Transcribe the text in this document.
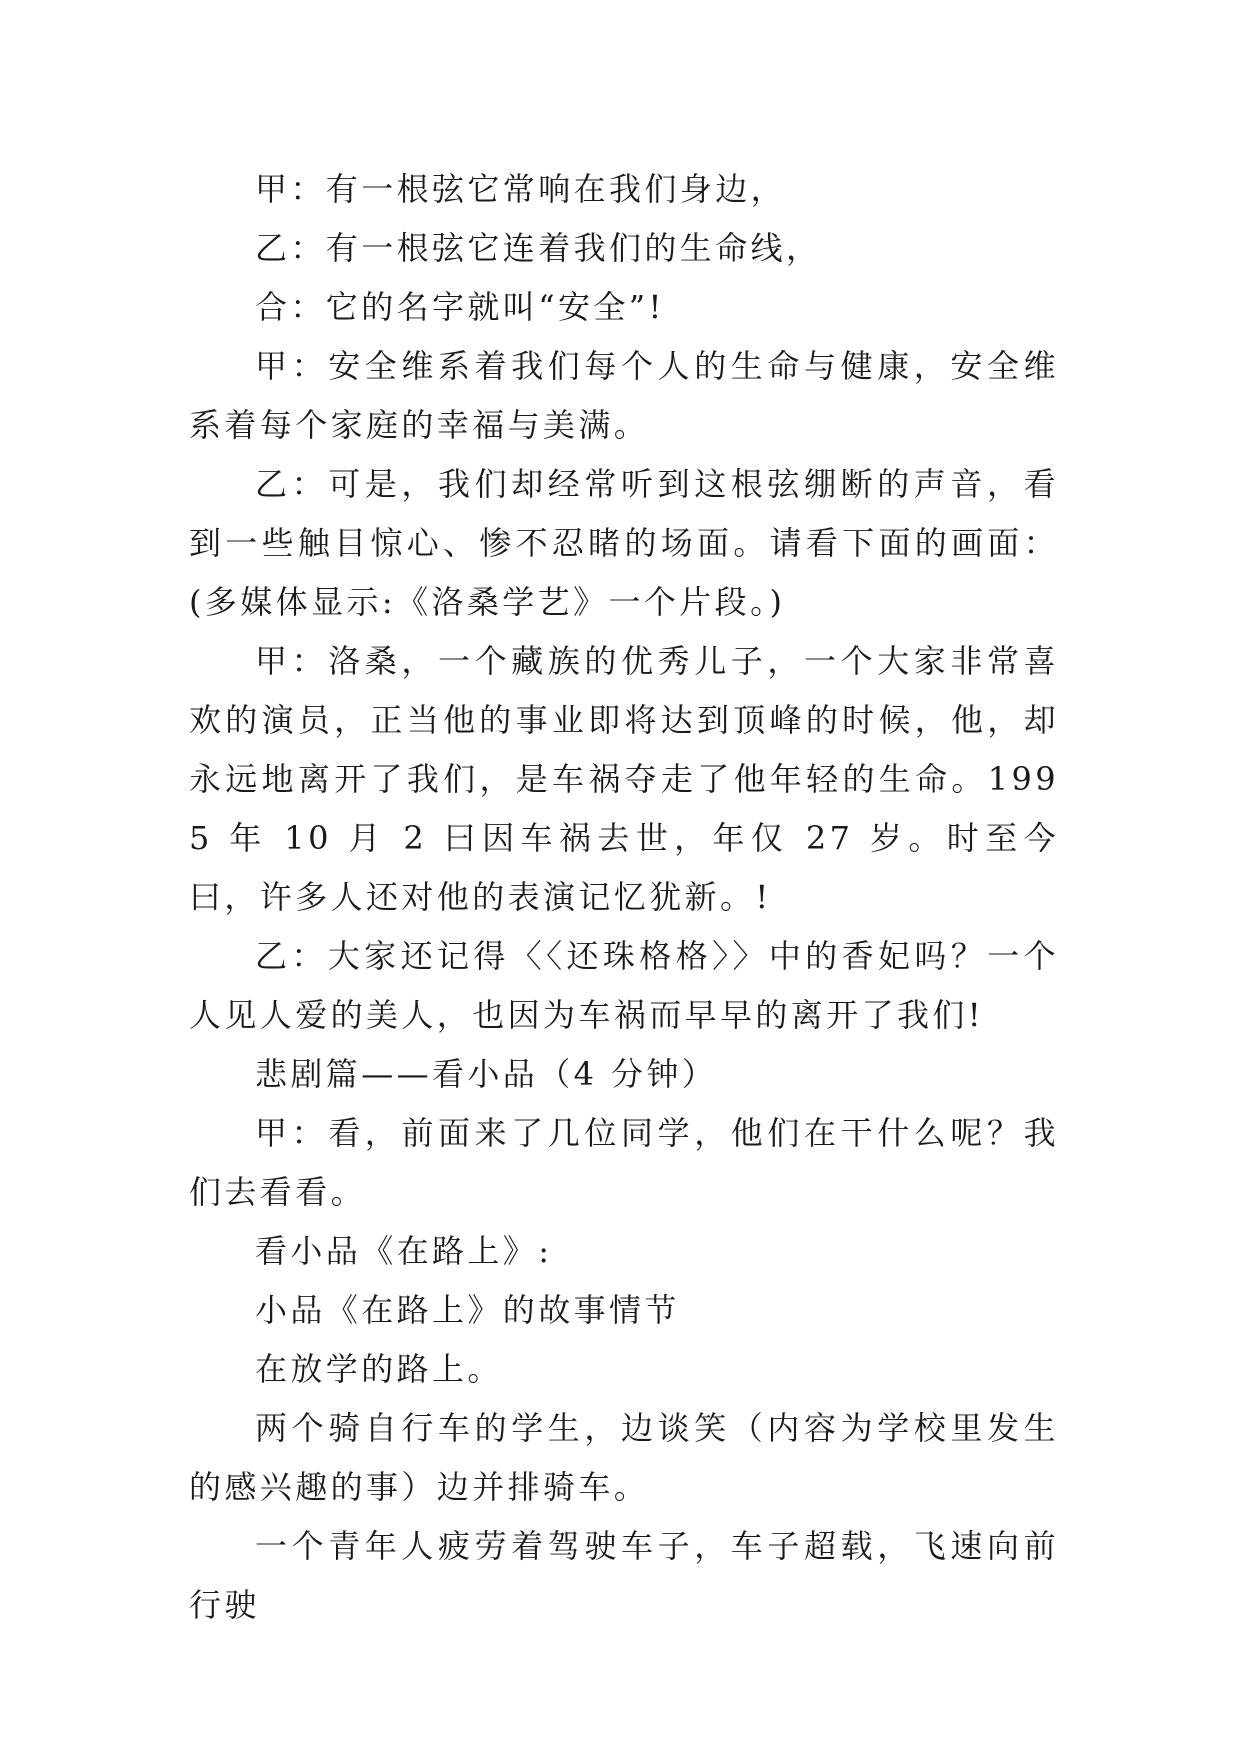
甲：有一根弦它常响在我们身边，

乙：有一根弦它连着我们的生命线，

合：它的名字就叫“安全”!

甲：安全维系着我们每个人的生命与健康，安全维系着每个家庭的幸福与美满。

乙：可是，我们却经常听到这根弦绷断的声音，看到一些触目惊心、惨不忍睹的场面。请看下面的画面：(多媒体显示:《洛桑学艺》一个片段。)

甲：洛桑，一个藏族的优秀儿子，一个大家非常喜欢的演员，正当他的事业即将达到顶峰的时候，他，却永远地离开了我们，是车祸夺走了他年轻的生命。1995 年 10 月 2 曰因车祸去世，年仅 27 岁。时至今曰，许多人还对他的表演记忆犹新。!

乙：大家还记得〈〈还珠格格〉〉中的香妃吗？一个人见人爱的美人，也因为车祸而早早的离开了我们!

悲剧篇——看小品（4 分钟）

甲：看，前面来了几位同学，他们在干什么呢？我们去看看。

看小品《在路上》:

小品《在路上》的故事情节

在放学的路上。

两个骑自行车的学生，边谈笑（内容为学校里发生的感兴趣的事）边并排骑车。

一个青年人疲劳着驾驶车子，车子超载，飞速向前行驶
